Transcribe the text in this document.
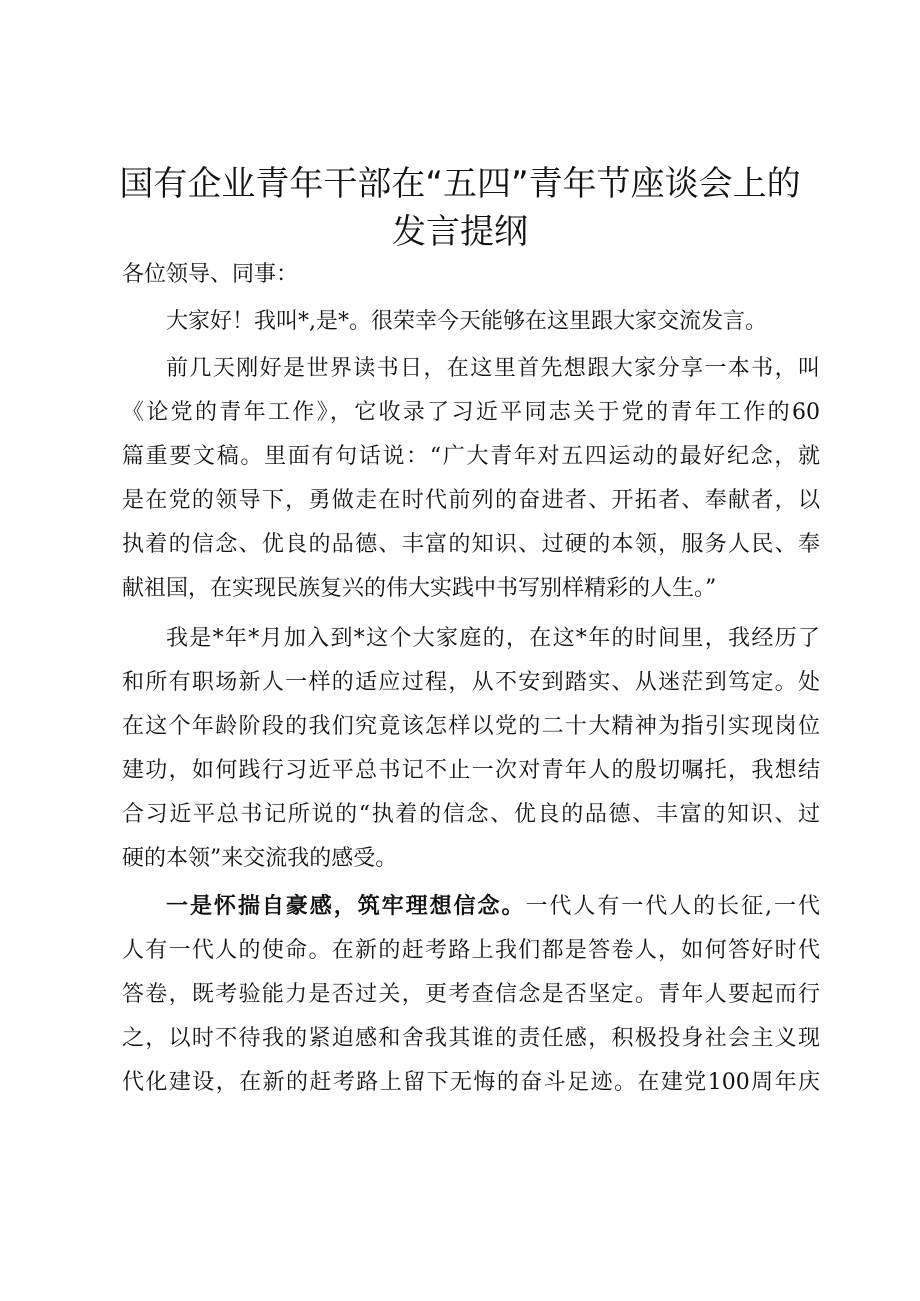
国有企业青年干部在“五四”青年节座谈会上的
发言提纲
各位领导、同事：
大家好！我叫*,是*。很荣幸今天能够在这里跟大家交流发言。
前几天刚好是世界读书日，在这里首先想跟大家分享一本书，叫
《论党的青年工作》，它收录了习近平同志关于党的青年工作的60
篇重要文稿。里面有句话说：“广大青年对五四运动的最好纪念，就
是在党的领导下，勇做走在时代前列的奋进者、开拓者、奉献者，以
执着的信念、优良的品德、丰富的知识、过硬的本领，服务人民、奉
献祖国，在实现民族复兴的伟大实践中书写别样精彩的人生。”
我是*年*月加入到*这个大家庭的，在这*年的时间里，我经历了
和所有职场新人一样的适应过程，从不安到踏实、从迷茫到笃定。处
在这个年龄阶段的我们究竟该怎样以党的二十大精神为指引实现岗位
建功，如何践行习近平总书记不止一次对青年人的殷切嘱托，我想结
合习近平总书记所说的“执着的信念、优良的品德、丰富的知识、过
硬的本领”来交流我的感受。
一是怀揣自豪感，筑牢理想信念。一代人有一代人的长征,一代
人有一代人的使命。在新的赶考路上我们都是答卷人，如何答好时代
答卷，既考验能力是否过关，更考查信念是否坚定。青年人要起而行
之，以时不待我的紧迫感和舍我其谁的责任感，积极投身社会主义现
代化建设，在新的赶考路上留下无悔的奋斗足迹。在建党100周年庆
